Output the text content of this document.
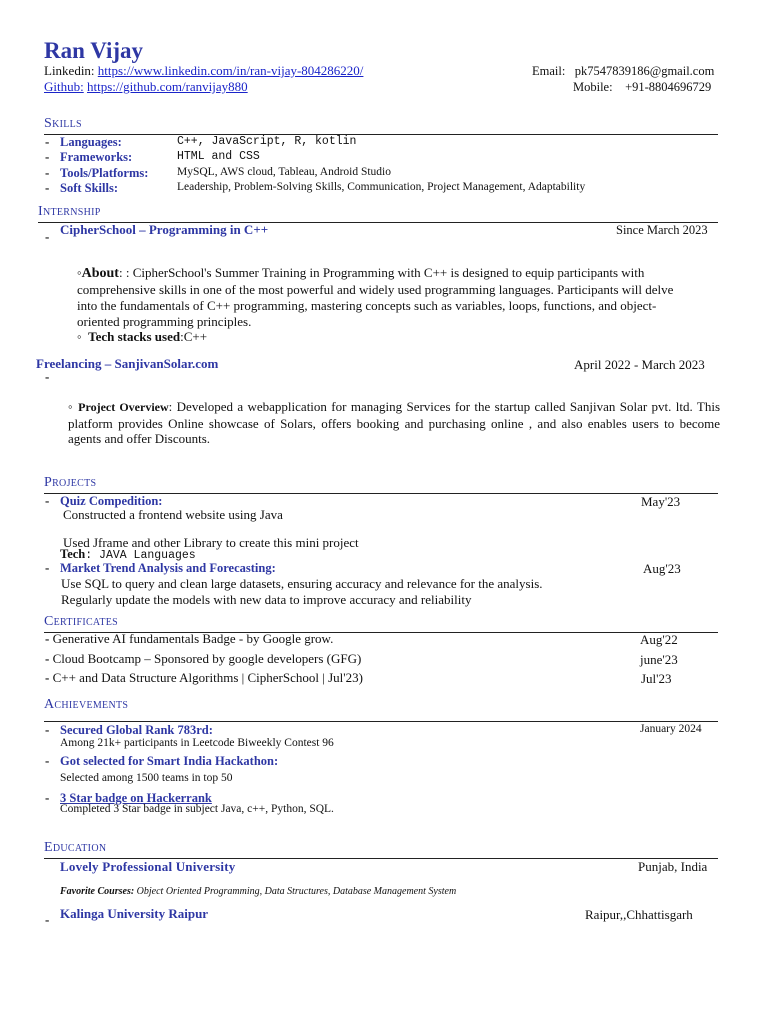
Ran Vijay
Linkedin: https://www.linkedin.com/in/ran-vijay-804286220/
Github: https://github.com/ranvijay880
Email: pk7547839186@gmail.com
Mobile: +91-8804696729
Skills
- Languages:	C++, JavaScript, R, kotlin
- Frameworks:	HTML and CSS
- Tools/Platforms: MySQL, AWS cloud, Tableau, Android Studio
- Soft Skills:	Leadership, Problem-Solving Skills, Communication, Project Management, Adaptability
Internship
CipherSchool – Programming in C++	Since March 2023
-
◦About: : CipherSchool's Summer Training in Programming with C++ is designed to equip participants with comprehensive skills in one of the most powerful and widely used programming languages. Participants will delve into the fundamentals of C++ programming, mastering concepts such as variables, loops, functions, and object-oriented programming principles.
◦ Tech stacks used:C++
Freelancing – SanjivanSolar.com	April 2022 - March 2023
-
◦ Project Overview: Developed a webapplication for managing Services for the startup called Sanjivan Solar pvt. ltd. This platform provides Online showcase of Solars, offers booking and purchasing online , and also enables users to become agents and offer Discounts.
Projects
- Quiz Compedition:	May'23
Constructed a frontend website using Java
Used Jframe and other Library to create this mini project
Tech: JAVA Languages
- Market Trend Analysis and Forecasting:	Aug'23
Use SQL to query and clean large datasets, ensuring accuracy and relevance for the analysis.
Regularly update the models with new data to improve accuracy and reliability
Certificates
- Generative AI fundamentals Badge - by Google grow.	Aug'22
- Cloud Bootcamp – Sponsored by google developers (GFG)	june'23
- C++ and Data Structure Algorithms | CipherSchool | Jul'23)	Jul'23
Achievements
- Secured Global Rank 783rd:	January 2024
Among 21k+ participants in Leetcode Biweekly Contest 96
- Got selected for Smart India Hackathon:
Selected among 1500 teams in top 50
- 3 Star badge on Hackerrank
Completed 3 Star badge in subject Java, c++, Python, SQL.
Education
Lovely Professional University	Punjab, India
Favorite Courses: Object Oriented Programming, Data Structures, Database Management System
Kalinga University Raipur	Raipur,,Chhattisgarh
-
